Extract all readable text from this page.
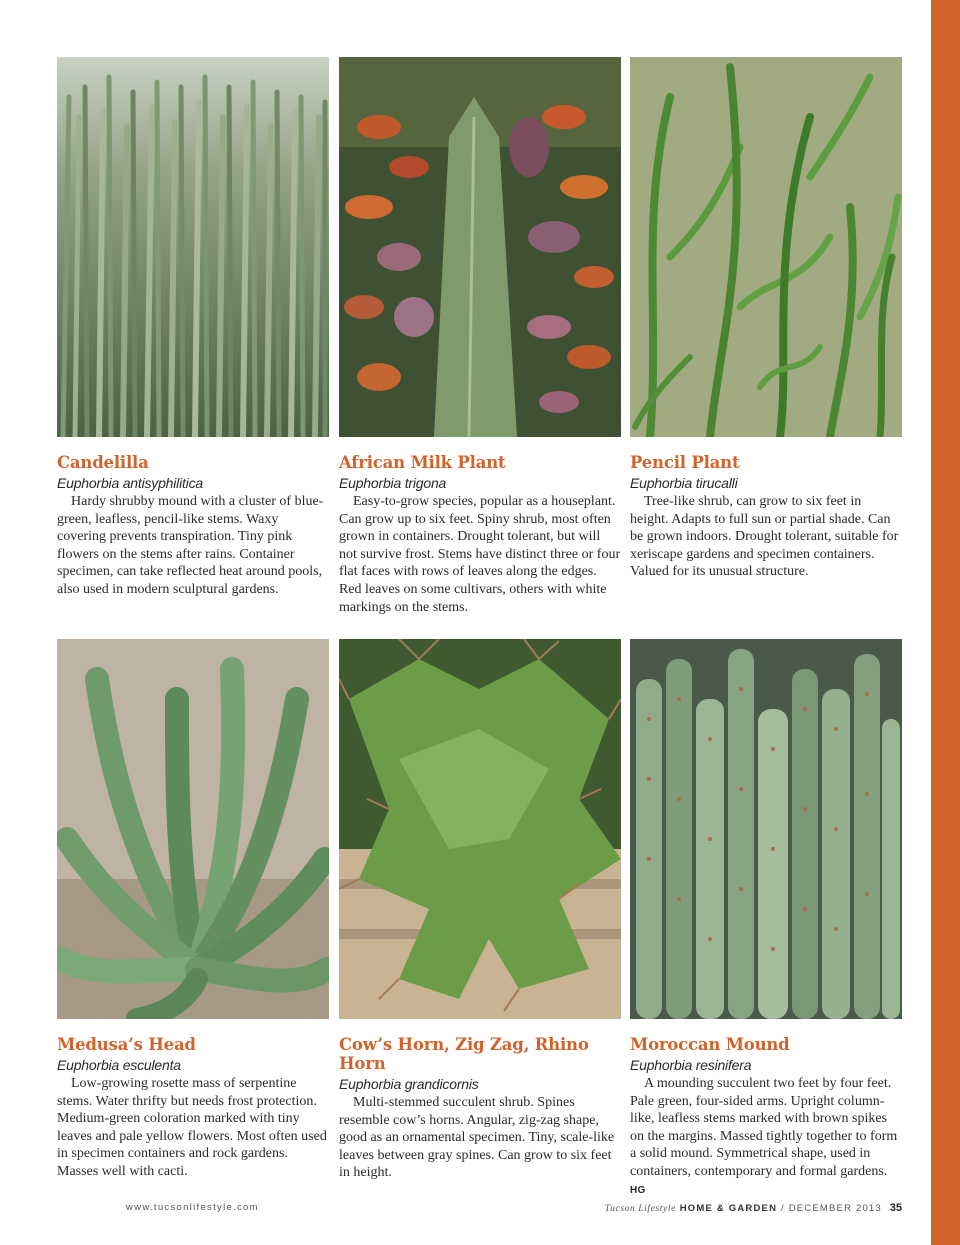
Candelilla
Euphorbia antisyphilitica

Hardy shrubby mound with a cluster of blue-green, leafless, pencil-like stems. Waxy covering prevents transpiration. Tiny pink flowers on the stems after rains. Container specimen, can take reflected heat around pools, also used in modern sculptural gardens.

African Milk Plant
Euphorbia trigona

Easy-to-grow species, popular as a houseplant. Can grow up to six feet. Spiny shrub, most often grown in containers. Drought tolerant, but will not survive frost. Stems have distinct three or four flat faces with rows of leaves along the edges. Red leaves on some cultivars, others with white markings on the stems.

Pencil Plant
Euphorbia tirucalli

Tree-like shrub, can grow to six feet in height. Adapts to full sun or partial shade. Can be grown indoors. Drought tolerant, suitable for xeriscape gardens and specimen containers. Valued for its unusual structure.

Medusa’s Head
Euphorbia esculenta

Low-growing rosette mass of serpentine stems. Water thrifty but needs frost protection. Medium-green coloration marked with tiny leaves and pale yellow flowers. Most often used in specimen containers and rock gardens. Masses well with cacti.

Cow’s Horn, Zig Zag, Rhino Horn
Euphorbia grandicornis

Multi-stemmed succulent shrub. Spines resemble cow’s horns. Angular, zig-zag shape, good as an ornamental specimen. Tiny, scale-like leaves between gray spines. Can grow to six feet in height.

Moroccan Mound
Euphorbia resinifera

A mounding succulent two feet by four feet. Pale green, four-sided arms. Upright column-like, leafless stems marked with brown spikes on the margins. Massed tightly together to form a solid mound. Symmetrical shape, used in containers, contemporary and formal gardens. HG

www.tucsonlifestyle.com	Tucson Lifestyle HOME & GARDEN / DECEMBER 2013 35
